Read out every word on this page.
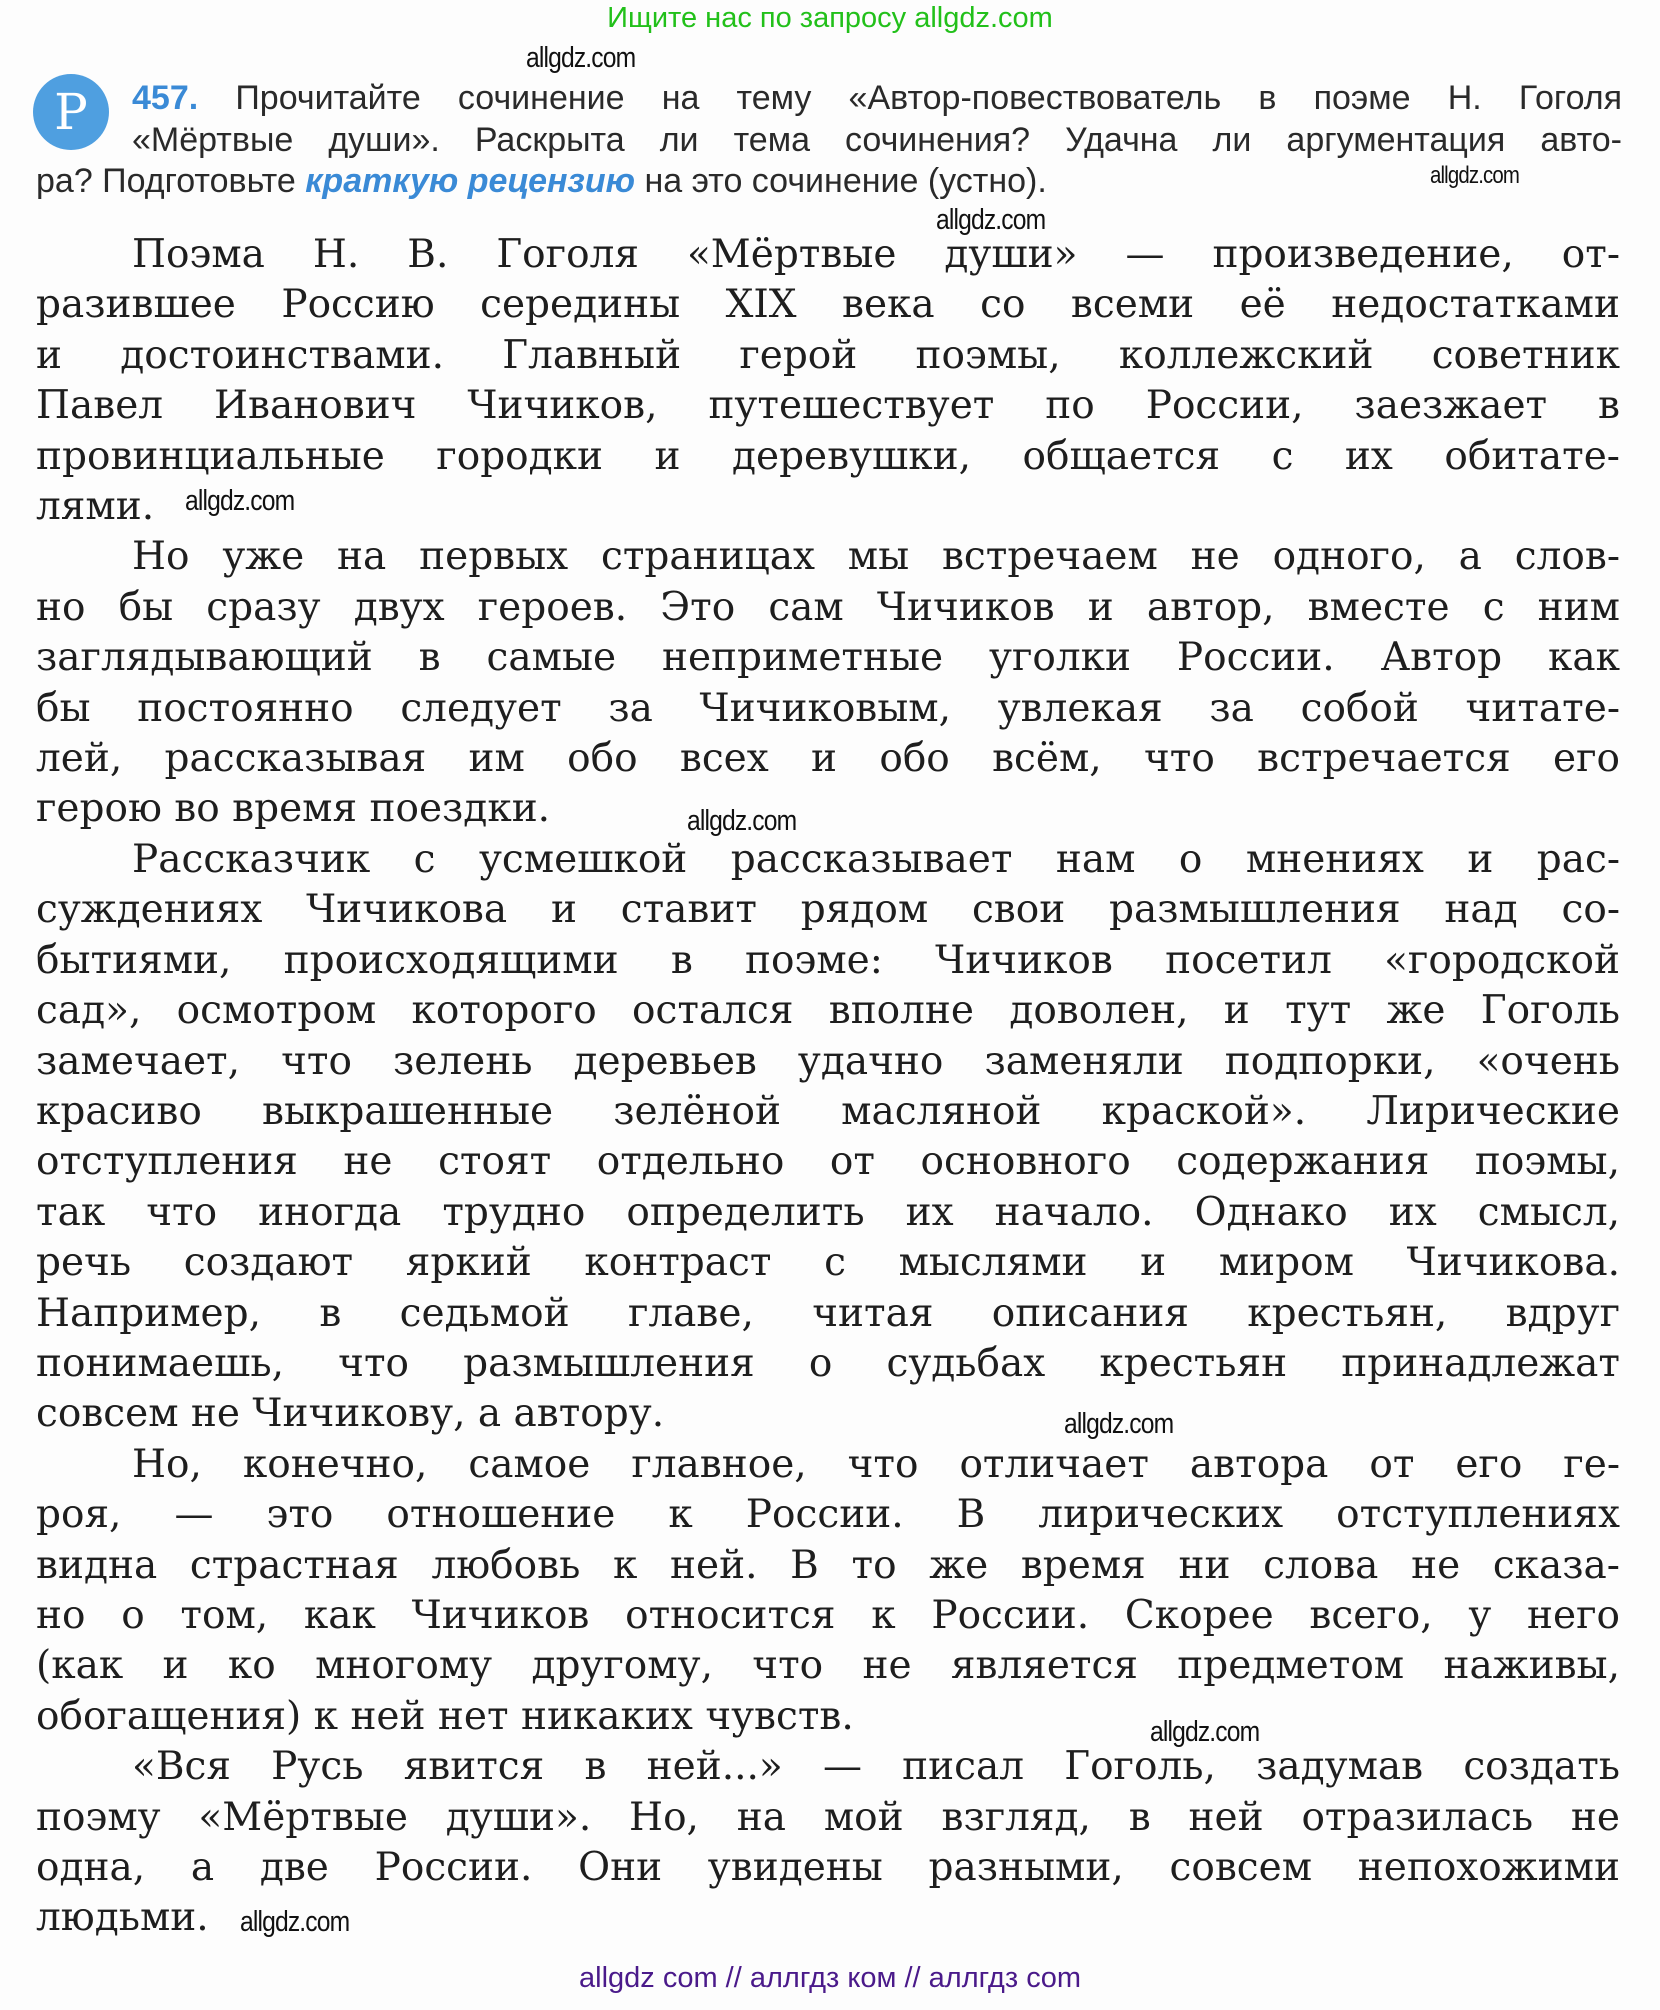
Ищите нас по запросу allgdz.com
Р	457. Прочитайте сочинение на тему «Автор-повествователь в поэме Н. Гоголя
«Мёртвые души». Раскрыта ли тема сочинения? Удачна ли аргументация авто-
ра? Подготовьте краткую рецензию на это сочинение (устно).
Поэма Н. В. Гоголя «Мёртвые души» — произведение, от-
разившее Россию середины XIX века со всеми её недостатками
и достоинствами. Главный герой поэмы, коллежский советник
Павел Иванович Чичиков, путешествует по России, заезжает в
провинциальные городки и деревушки, общается с их обитате-
лями.
Но уже на первых страницах мы встречаем не одного, а слов-
но бы сразу двух героев. Это сам Чичиков и автор, вместе с ним
заглядывающий в самые неприметные уголки России. Автор как
бы постоянно следует за Чичиковым, увлекая за собой читате-
лей, рассказывая им обо всех и обо всём, что встречается его
герою во время поездки.
Рассказчик с усмешкой рассказывает нам о мнениях и рас-
суждениях Чичикова и ставит рядом свои размышления над со-
бытиями, происходящими в поэме: Чичиков посетил «городской
сад», осмотром которого остался вполне доволен, и тут же Гоголь
замечает, что зелень деревьев удачно заменяли подпорки, «очень
красиво выкрашенные зелёной масляной краской». Лирические
отступления не стоят отдельно от основного содержания поэмы,
так что иногда трудно определить их начало. Однако их смысл,
речь создают яркий контраст с мыслями и миром Чичикова.
Например, в седьмой главе, читая описания крестьян, вдруг
понимаешь, что размышления о судьбах крестьян принадлежат
совсем не Чичикову, а автору.
Но, конечно, самое главное, что отличает автора от его ге-
роя, — это отношение к России. В лирических отступлениях
видна страстная любовь к ней. В то же время ни слова не сказа-
но о том, как Чичиков относится к России. Скорее всего, у него
(как и ко многому другому, что не является предметом наживы,
обогащения) к ней нет никаких чувств.
«Вся Русь явится в ней...» — писал Гоголь, задумав создать
поэму «Мёртвые души». Но, на мой взгляд, в ней отразилась не
одна, а две России. Они увидены разными, совсем непохожими
людьми.
allgdz.com
allgdz.com
allgdz.com
allgdz.com
allgdz.com
allgdz.com
allgdz.com
allgdz.com
allgdz com // аллгдз ком // аллгдз com
